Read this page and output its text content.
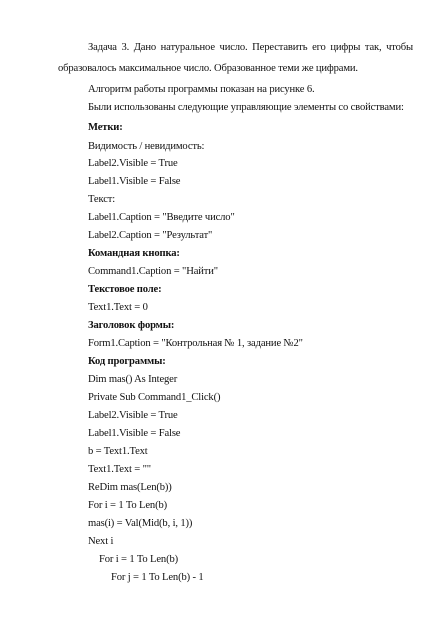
Задача 3. Дано натуральное число. Переставить его цифры так, чтобы
образовалось максимальное число. Образованное теми же цифрами.
Алгоритм работы программы показан на рисунке 6.
Были использованы следующие управляющие элементы со свойствами:
Метки:
Видимость / невидимость:
Label2.Visible = True
Label1.Visible = False
Текст:
Label1.Caption = "Введите число"
Label2.Caption = "Результат"
Командная кнопка:
Command1.Caption = "Найти"
Текстовое поле:
Text1.Text = 0
Заголовок формы:
Form1.Caption = "Контрольная № 1, задание №2"
Код программы:
Dim mas() As Integer
Private Sub Command1_Click()
Label2.Visible = True
Label1.Visible = False
b = Text1.Text
Text1.Text = ""
ReDim mas(Len(b))
For i = 1 To Len(b)
mas(i) = Val(Mid(b, i, 1))
Next i
For i = 1 To Len(b)
For j = 1 To Len(b) - 1
